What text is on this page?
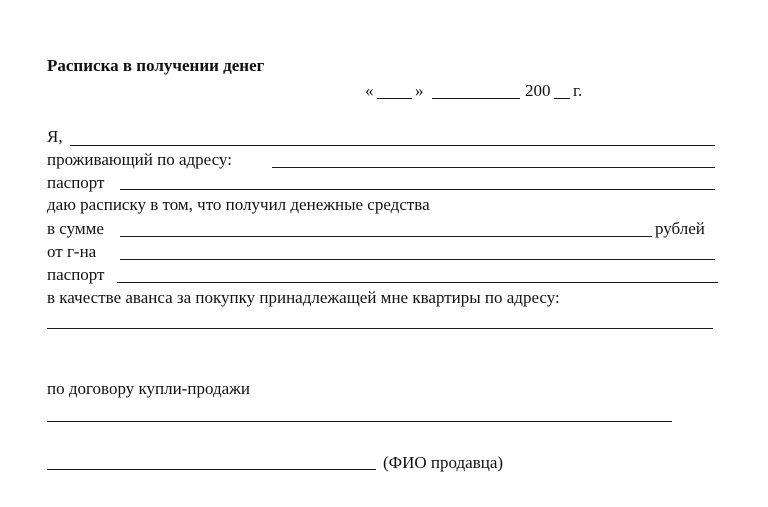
Расписка в получении денег
« »	200 г.
Я,
проживающий по адресу:
паспорт
даю расписку в том, что получил денежные средства
в сумме	рублей
от г-на
паспорт
в качестве аванса за покупку принадлежащей мне квартиры по адресу:
по договору купли-продажи
(ФИО продавца)
